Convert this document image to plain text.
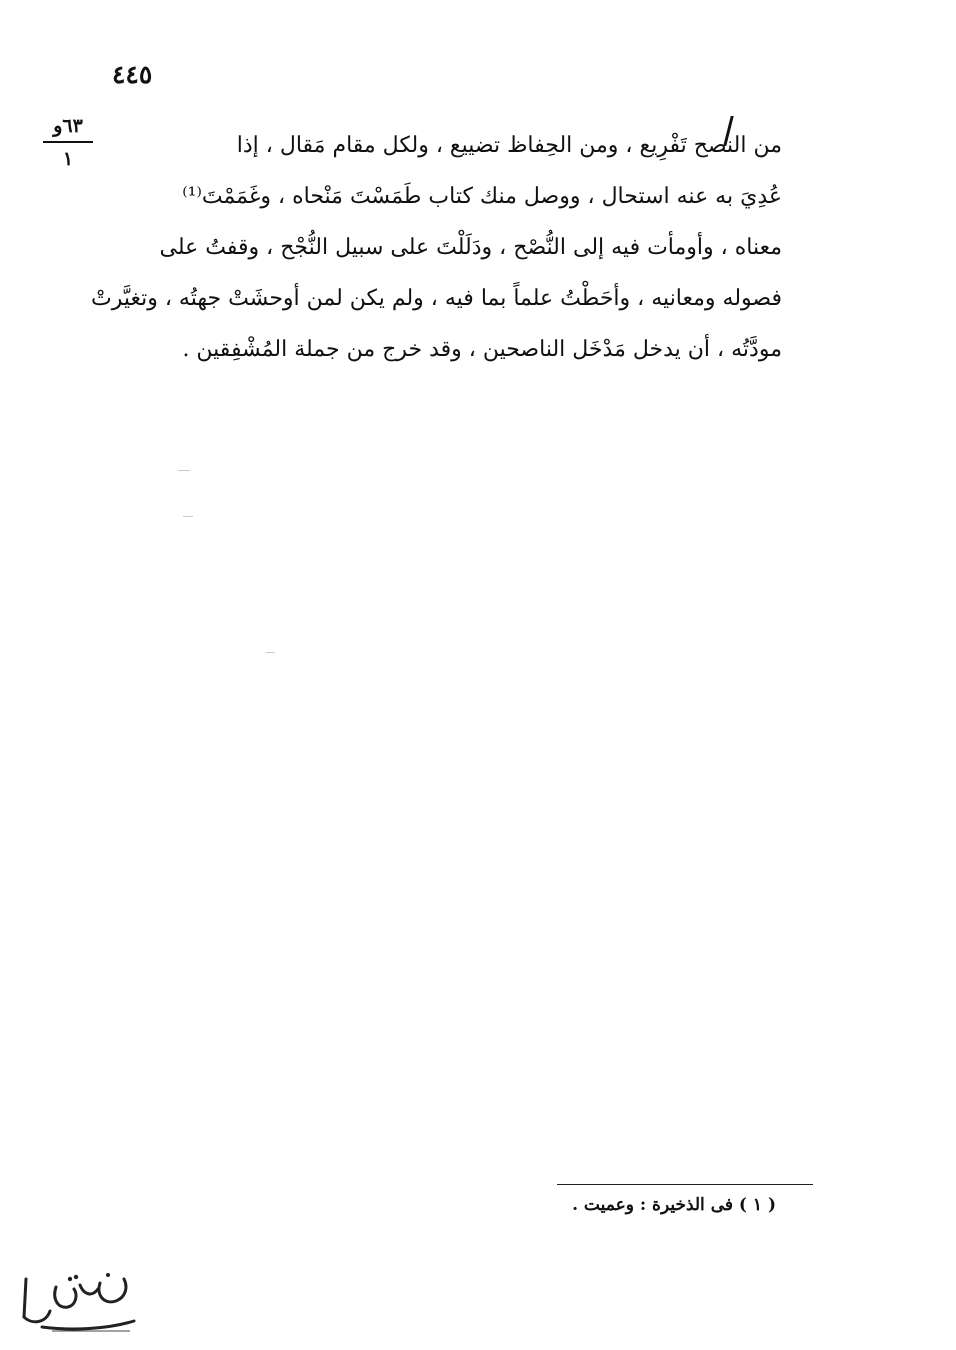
٤٤٥
٦٣و
١

من النصح تَفْرِيع ، ومن الحِفاظ تضييع ، ولكل مقام مَقال ، إذا
عُدِيَ به عنه استحال ، ووصل منك كتاب طَمَسْتَ مَنْحاه ، وغَمَمْتَ⁽¹⁾
معناه ، وأومأت فيه إلى النُّصْح ، ودَلَلْتَ على سبيل النُّجْح ، وقفتُ على
فصوله ومعانيه ، وأحَطْتُ علماً بما فيه ، ولم يكن لمن أوحشَتْ جهتُه ، وتغيَّرتْ
مودَّتُه ، أن يدخل مَدْخَل الناصحين ، وقد خرج من جملة المُشْفِقين .

( ١ ) فى الذخيرة : وعميت .
